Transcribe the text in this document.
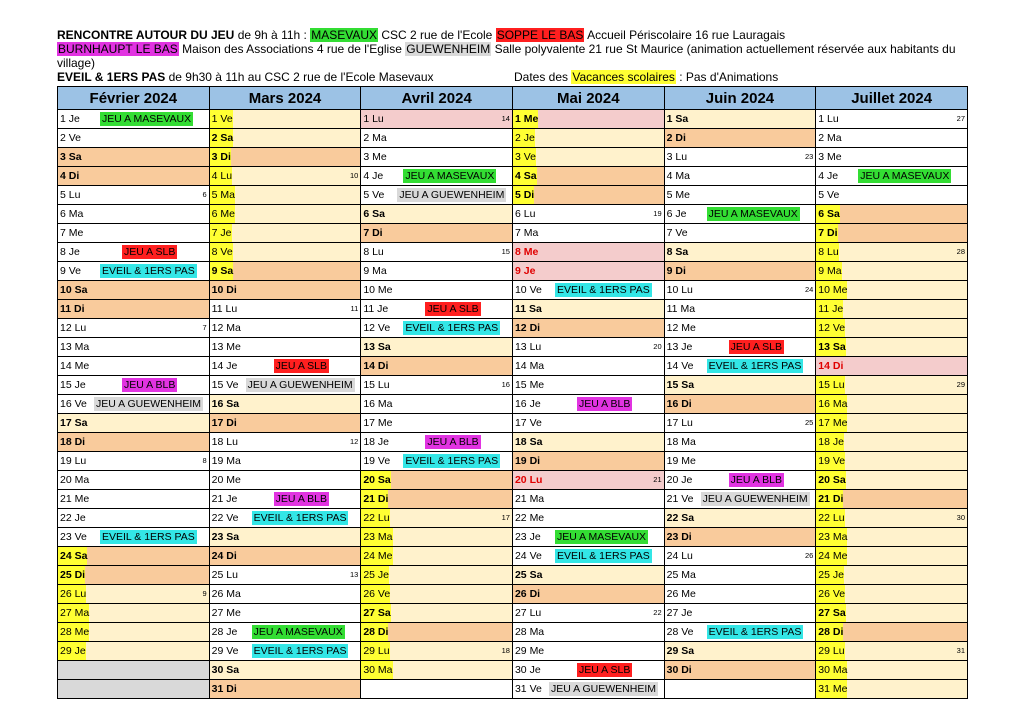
RENCONTRE AUTOUR DU JEU de 9h à 11h : MASEVAUX CSC 2 rue de l'Ecole SOPPE LE BAS Accueil Périscolaire 16 rue Lauragais
BURNHAUPT LE BAS Maison des Associations 4 rue de l'Eglise GUEWENHEIM Salle polyvalente 21 rue St Maurice (animation actuellement réservée aux habitants du village)
EVEIL & 1ERS PAS de 9h30 à 11h au CSC 2 rue de l'Ecole Masevaux	Dates des Vacances scolaires : Pas d'Animations
Février 2024	Mars 2024	Avril 2024	Mai 2024	Juin 2024	Juillet 2024

1 Je JEU A MASEVAUX	1 Ve	1 Lu 14	1 Me	1 Sa	1 Lu 27

2 Ve	2 Sa	2 Ma	2 Je	2 Di	2 Ma

3 Sa	3 Di	3 Me	3 Ve	3 Lu 23	3 Me

4 Di	4 Lu 10	4 Je JEU A MASEVAUX	4 Sa	4 Ma	4 Je JEU A MASEVAUX

5 Lu 6	5 Ma	5 Ve JEU A GUEWENHEIM	5 Di	5 Me	5 Ve

6 Ma	6 Me	6 Sa	6 Lu 19	6 Je JEU A MASEVAUX	6 Sa

7 Me	7 Je	7 Di	7 Ma	7 Ve	7 Di

8 Je JEU A SLB	8 Ve	8 Lu 15	8 Me	8 Sa	8 Lu 28

9 Ve EVEIL & 1ERS PAS	9 Sa	9 Ma	9 Je	9 Di	9 Ma

10 Sa	10 Di	10 Me	10 Ve EVEIL & 1ERS PAS	10 Lu 24	10 Me

11 Di	11 Lu 11	11 Je JEU A SLB	11 Sa	11 Ma	11 Je

12 Lu 7	12 Ma	12 Ve EVEIL & 1ERS PAS	12 Di	12 Me	12 Ve

13 Ma	13 Me	13 Sa	13 Lu 20	13 Je JEU A SLB	13 Sa

14 Me	14 Je JEU A SLB	14 Di	14 Ma	14 Ve EVEIL & 1ERS PAS	14 Di

15 Je JEU A BLB	15 Ve JEU A GUEWENHEIM	15 Lu 16	15 Me	15 Sa	15 Lu 29

16 Ve JEU A GUEWENHEIM	16 Sa	16 Ma	16 Je JEU A BLB	16 Di	16 Ma

17 Sa	17 Di	17 Me	17 Ve	17 Lu 25	17 Me

18 Di	18 Lu 12	18 Je JEU A BLB	18 Sa	18 Ma	18 Je

19 Lu 8	19 Ma	19 Ve EVEIL & 1ERS PAS	19 Di	19 Me	19 Ve

20 Ma	20 Me	20 Sa	20 Lu 21	20 Je JEU A BLB	20 Sa

21 Me	21 Je JEU A BLB	21 Di	21 Ma	21 Ve JEU A GUEWENHEIM	21 Di

22 Je	22 Ve EVEIL & 1ERS PAS	22 Lu 17	22 Me	22 Sa	22 Lu 30

23 Ve EVEIL & 1ERS PAS	23 Sa	23 Ma	23 Je JEU A MASEVAUX	23 Di	23 Ma

24 Sa	24 Di	24 Me	24 Ve EVEIL & 1ERS PAS	24 Lu 26	24 Me

25 Di	25 Lu 13	25 Je	25 Sa	25 Ma	25 Je

26 Lu 9	26 Ma	26 Ve	26 Di	26 Me	26 Ve

27 Ma	27 Me	27 Sa	27 Lu 22	27 Je	27 Sa

28 Me	28 Je JEU A MASEVAUX	28 Di	28 Ma	28 Ve EVEIL & 1ERS PAS	28 Di

29 Je	29 Ve EVEIL & 1ERS PAS	29 Lu 18	29 Me	29 Sa	29 Lu 31

	30 Sa	30 Ma	30 Je JEU A SLB	30 Di	30 Ma

	31 Di		31 Ve JEU A GUEWENHEIM		31 Me
